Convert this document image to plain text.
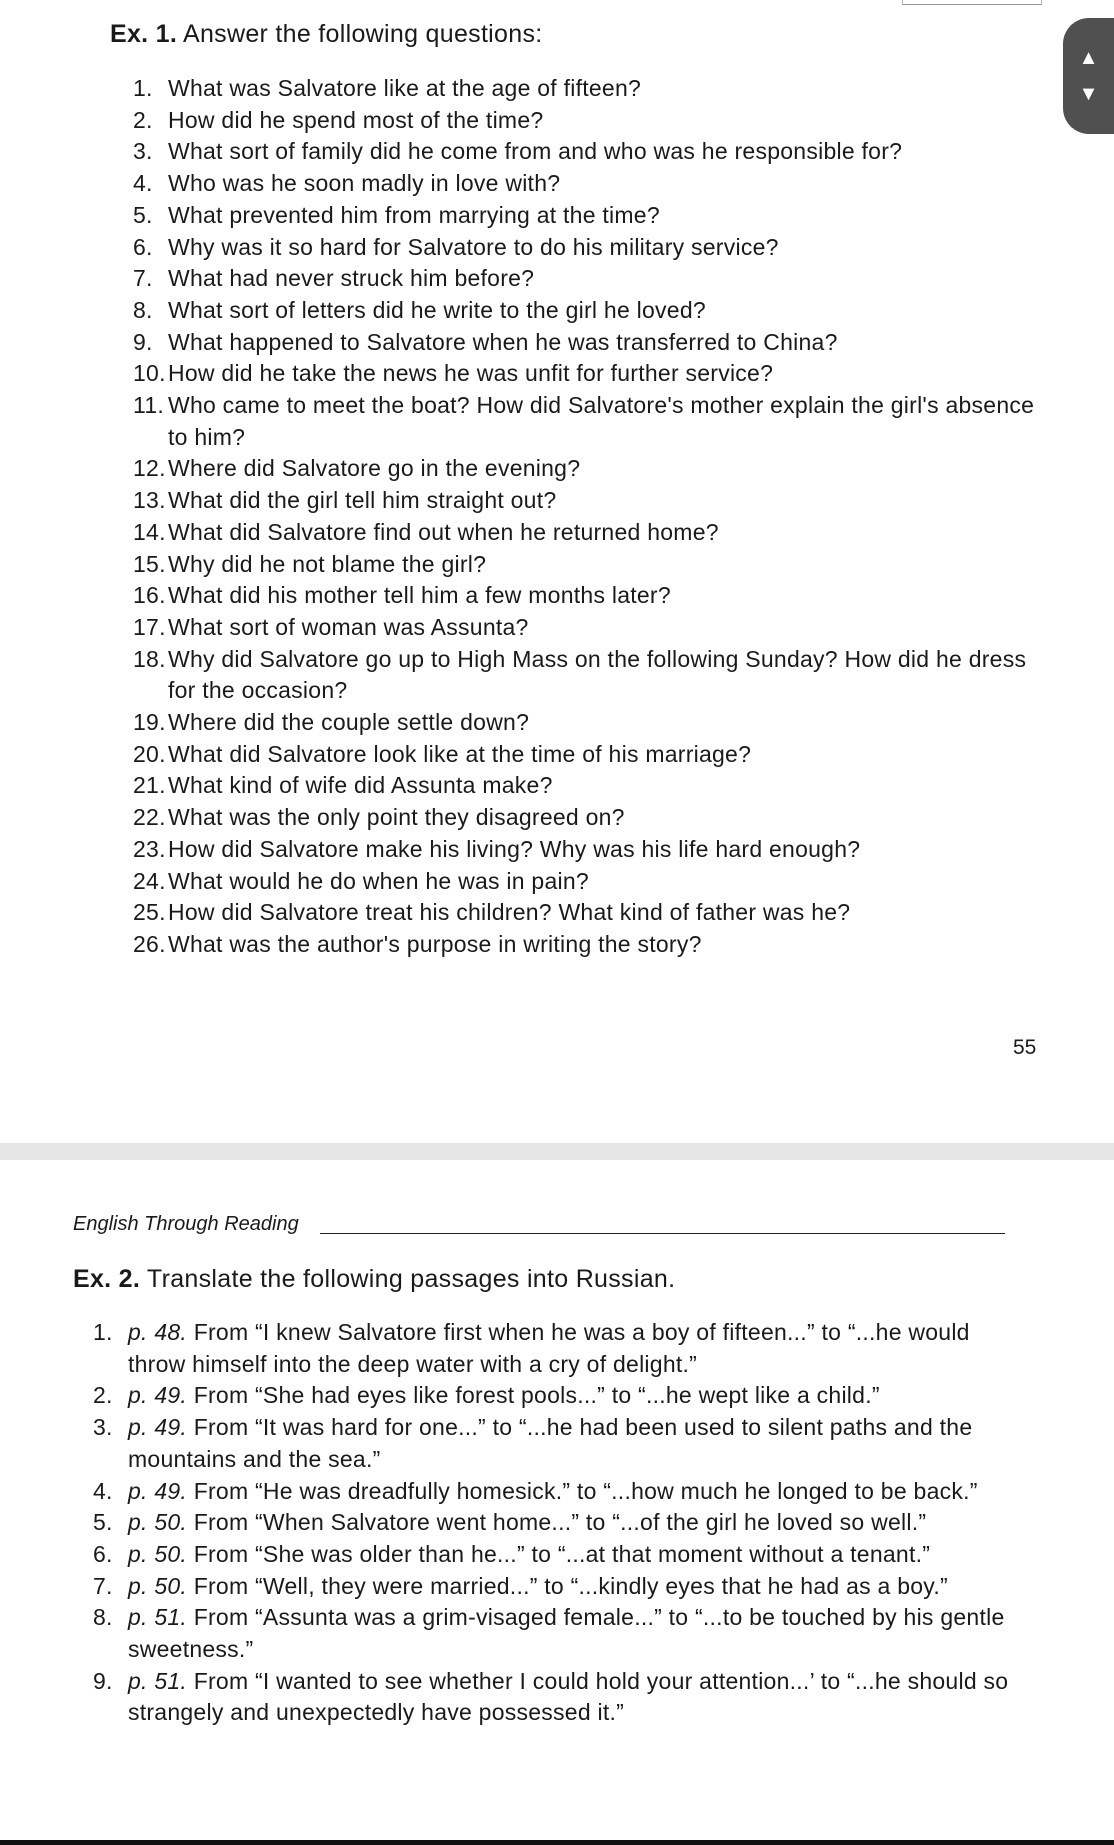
Ex. 1. Answer the following questions:
1. What was Salvatore like at the age of fifteen?
2. How did he spend most of the time?
3. What sort of family did he come from and who was he responsible for?
4. Who was he soon madly in love with?
5. What prevented him from marrying at the time?
6. Why was it so hard for Salvatore to do his military service?
7. What had never struck him before?
8. What sort of letters did he write to the girl he loved?
9. What happened to Salvatore when he was transferred to China?
10. How did he take the news he was unfit for further service?
11. Who came to meet the boat? How did Salvatore's mother explain the girl's absence to him?
12. Where did Salvatore go in the evening?
13. What did the girl tell him straight out?
14. What did Salvatore find out when he returned home?
15. Why did he not blame the girl?
16. What did his mother tell him a few months later?
17. What sort of woman was Assunta?
18. Why did Salvatore go up to High Mass on the following Sunday? How did he dress for the occasion?
19. Where did the couple settle down?
20. What did Salvatore look like at the time of his marriage?
21. What kind of wife did Assunta make?
22. What was the only point they disagreed on?
23. How did Salvatore make his living? Why was his life hard enough?
24. What would he do when he was in pain?
25. How did Salvatore treat his children? What kind of father was he?
26. What was the author's purpose in writing the story?
55
▲
▼
English Through Reading
Ex. 2. Translate the following passages into Russian.
1. p. 48. From “I knew Salvatore first when he was a boy of fifteen...” to “...he would throw himself into the deep water with a cry of delight.”
2. p. 49. From “She had eyes like forest pools...” to “...he wept like a child.”
3. p. 49. From “It was hard for one...” to “...he had been used to silent paths and the mountains and the sea.”
4. p. 49. From “He was dreadfully homesick.” to “...how much he longed to be back.”
5. p. 50. From “When Salvatore went home...” to “...of the girl he loved so well.”
6. p. 50. From “She was older than he...” to “...at that moment without a tenant.”
7. p. 50. From “Well, they were married...” to “...kindly eyes that he had as a boy.”
8. p. 51. From “Assunta was a grim-visaged female...” to “...to be touched by his gentle sweetness.”
9. p. 51. From “I wanted to see whether I could hold your attention...’ to “...he should so strangely and unexpectedly have possessed it.”
